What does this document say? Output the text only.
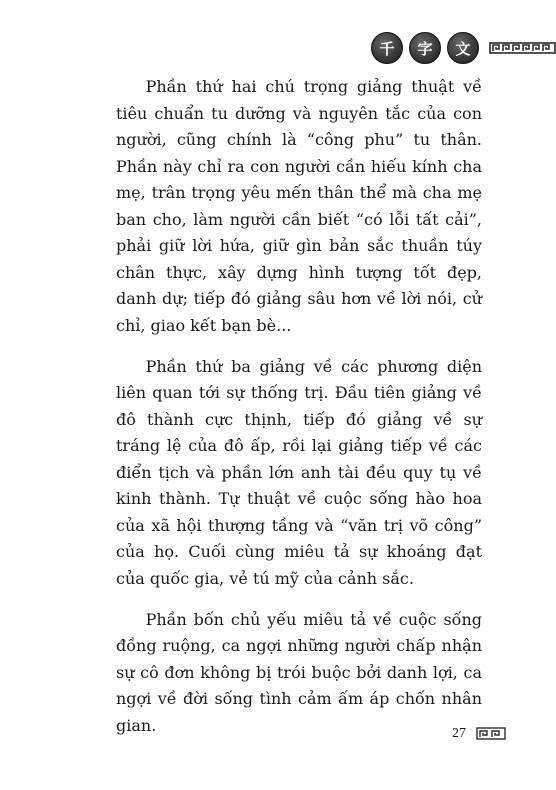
千	字	文

Phần thứ hai chú trọng giảng thuật về tiêu chuẩn tu dưỡng và nguyên tắc của con người, cũng chính là “công phu” tu thân. Phần này chỉ ra con người cần hiếu kính cha mẹ, trân trọng yêu mến thân thể mà cha mẹ ban cho, làm người cần biết “có lỗi tất cải”, phải giữ lời hứa, giữ gìn bản sắc thuần túy chân thực, xây dựng hình tượng tốt đẹp, danh dự; tiếp đó giảng sâu hơn về lời nói, cử chỉ, giao kết bạn bè...

Phần thứ ba giảng về các phương diện liên quan tới sự thống trị. Đầu tiên giảng về đô thành cực thịnh, tiếp đó giảng về sự tráng lệ của đô ấp, rồi lại giảng tiếp về các điển tịch và phần lớn anh tài đều quy tụ về kinh thành. Tự thuật về cuộc sống hào hoa của xã hội thượng tầng và “văn trị võ công” của họ. Cuối cùng miêu tả sự khoáng đạt của quốc gia, vẻ tú mỹ của cảnh sắc.

Phần bốn chủ yếu miêu tả về cuộc sống đồng ruộng, ca ngợi những người chấp nhận sự cô đơn không bị trói buộc bởi danh lợi, ca ngợi về đời sống tình cảm ấm áp chốn nhân gian.	27
